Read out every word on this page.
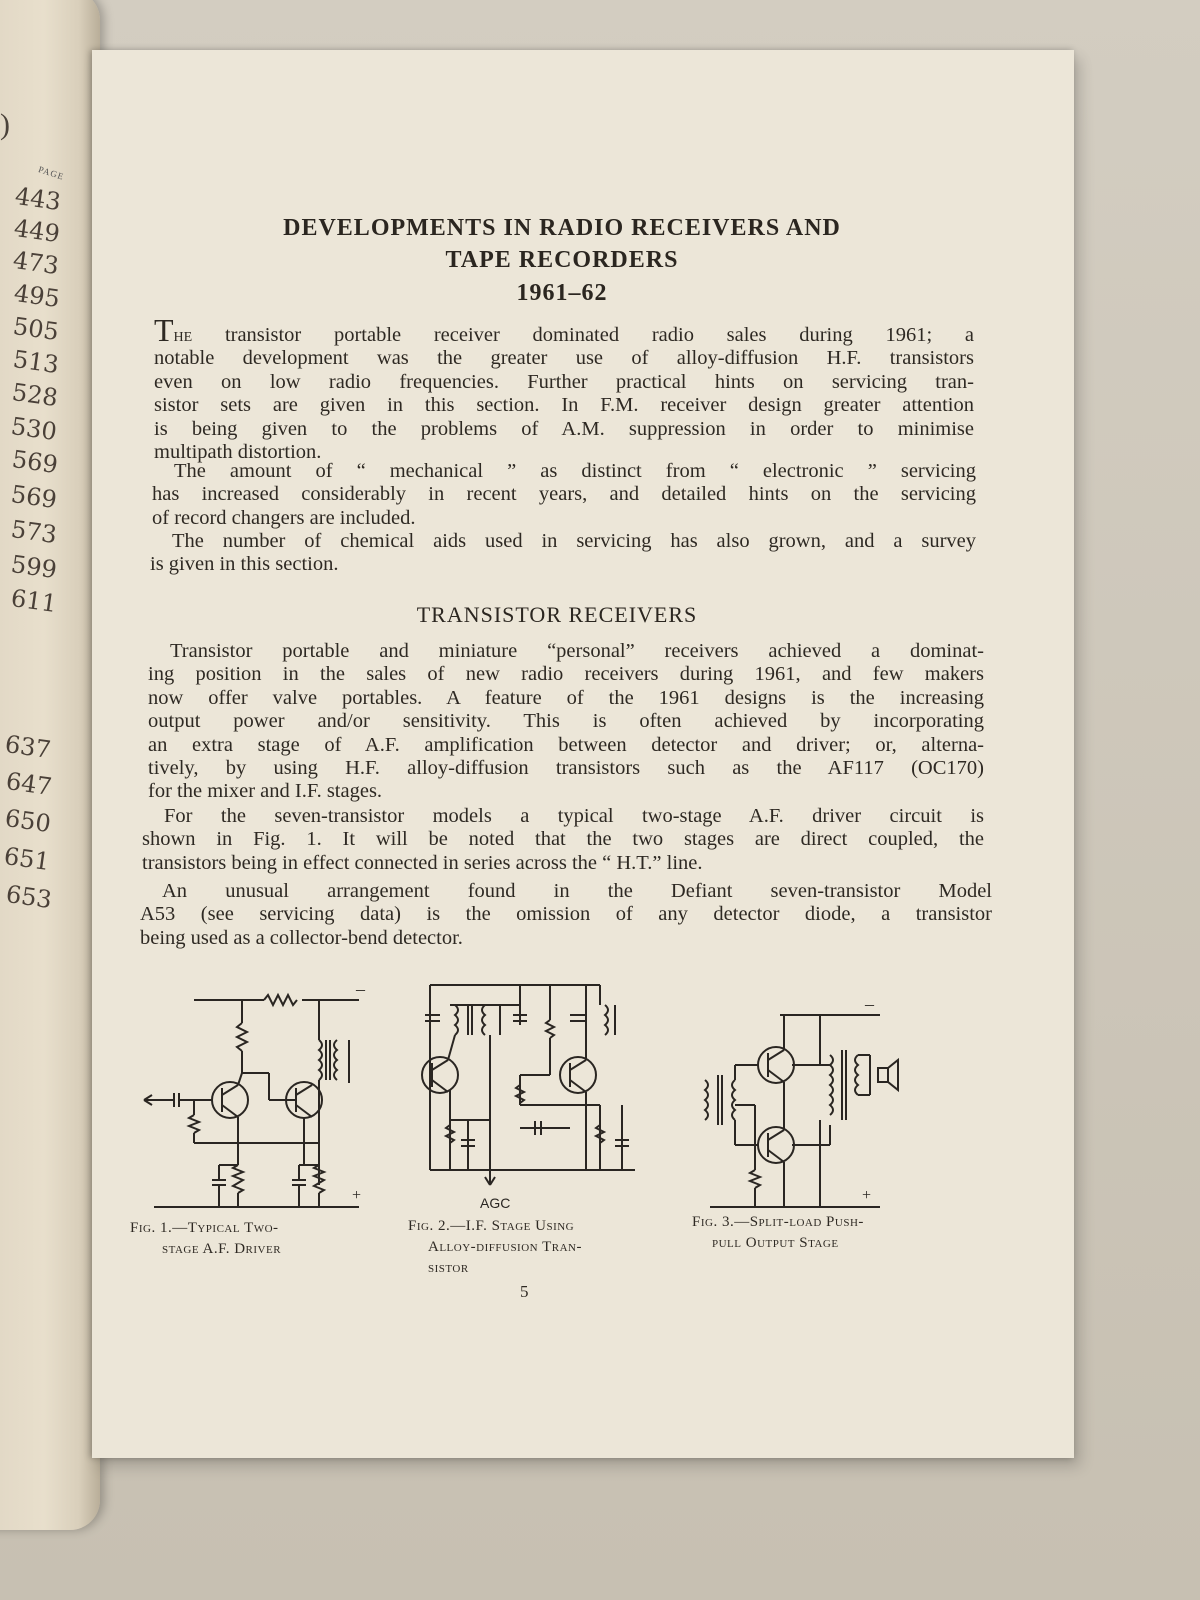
)
PAGE
443
449
473
495
505
513
528
530
569
569
573
599
611
637
647
650
651
653
DEVELOPMENTS IN RADIO RECEIVERS AND
TAPE RECORDERS
1961–62
The transistor portable receiver dominated radio sales during 1961; a
notable development was the greater use of alloy-diffusion H.F. transistors
even on low radio frequencies. Further practical hints on servicing tran-
sistor sets are given in this section. In F.M. receiver design greater attention
is being given to the problems of A.M. suppression in order to minimise
multipath distortion.
The amount of “ mechanical ” as distinct from “ electronic ” servicing
has increased considerably in recent years, and detailed hints on the servicing
of record changers are included.
The number of chemical aids used in servicing has also grown, and a survey
is given in this section.
TRANSISTOR RECEIVERS
Transistor portable and miniature “personal” receivers achieved a dominat-
ing position in the sales of new radio receivers during 1961, and few makers
now offer valve portables. A feature of the 1961 designs is the increasing
output power and/or sensitivity. This is often achieved by incorporating
an extra stage of A.F. amplification between detector and driver; or, alterna-
tively, by using H.F. alloy-diffusion transistors such as the AF117 (OC170)
for the mixer and I.F. stages.
For the seven-transistor models a typical two-stage A.F. driver circuit is
shown in Fig. 1. It will be noted that the two stages are direct coupled, the
transistors being in effect connected in series across the “ H.T.” line.
An unusual arrangement found in the Defiant seven-transistor Model
A53 (see servicing data) is the omission of any detector diode, a transistor
being used as a collector-bend detector.
–
+
Fig. 1.—Typical Two-
stage A.F. Driver
AGC
Fig. 2.—I.F. Stage Using
Alloy-diffusion Tran-
sistor
–
+
Fig. 3.—Split-load Push-
pull Output Stage
5
